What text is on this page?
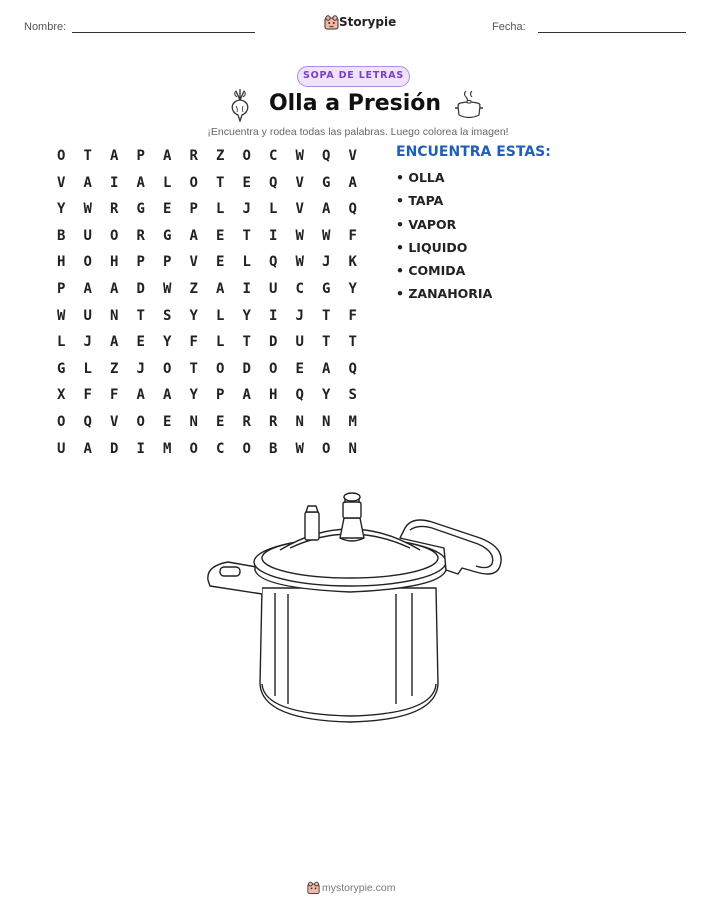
Nombre:	Storypie	Fecha:
SOPA DE LETRAS
Olla a Presión
¡Encuentra y rodea todas las palabras. Luego colorea la imagen!
O	T	A	P	A	R	Z	O	C	W	Q	V
V	A	I	A	L	O	T	E	Q	V	G	A
Y	W	R	G	E	P	L	J	L	V	A	Q
B	U	O	R	G	A	E	T	I	W	W	F
H	O	H	P	P	V	E	L	Q	W	J	K
P	A	A	D	W	Z	A	I	U	C	G	Y
W	U	N	T	S	Y	L	Y	I	J	T	F
L	J	A	E	Y	F	L	T	D	U	T	T
G	L	Z	J	O	T	O	D	O	E	A	Q
X	F	F	A	A	Y	P	A	H	Q	Y	S
O	Q	V	O	E	N	E	R	R	N	N	M
U	A	D	I	M	O	C	O	B	W	O	N
ENCUENTRA ESTAS:
• OLLA
• TAPA
• VAPOR
• LIQUIDO
• COMIDA
• ZANAHORIA
mystorypie.com
